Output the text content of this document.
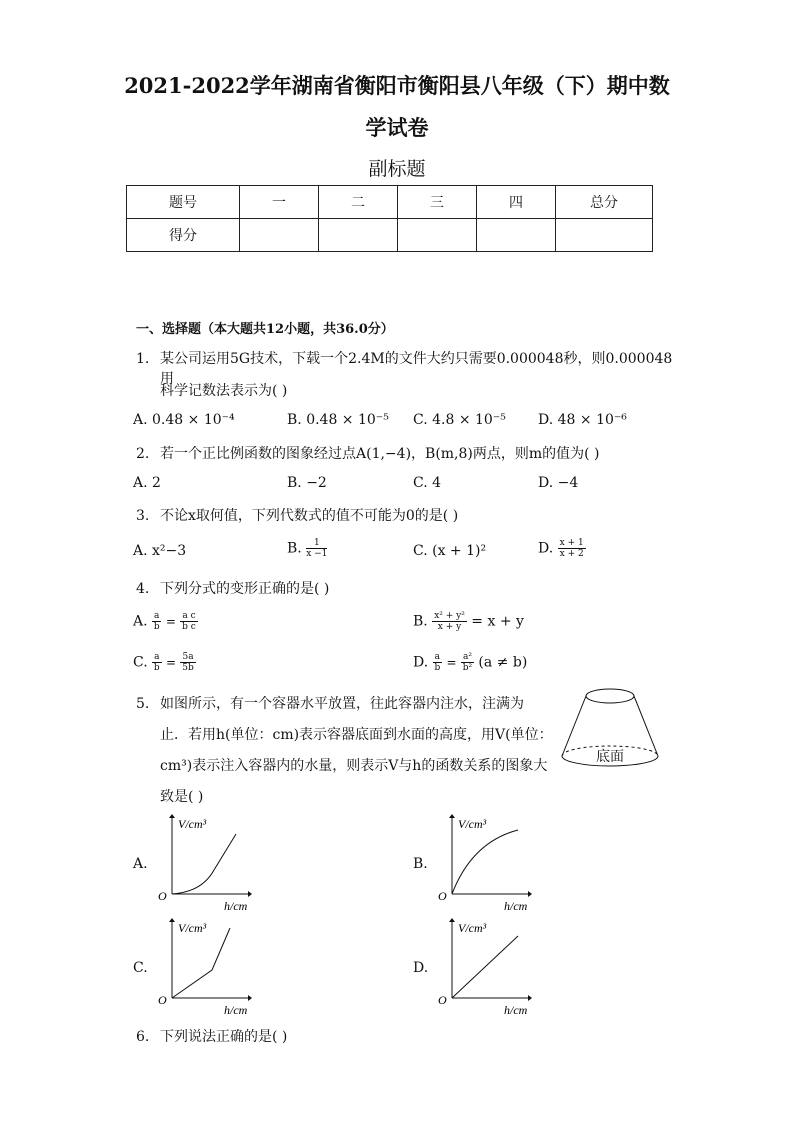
2021-2022学年湖南省衡阳市衡阳县八年级（下）期中数
学试卷
副标题
题号	一	二	三	四	总分
得分					
一、选择题（本大题共12小题，共36.0分）
1. 某公司运用5G技术，下载一个2.4M的文件大约只需要0.000048秒，则0.000048用
科学记数法表示为( )
A. 0.48 × 10⁻⁴	B. 0.48 × 10⁻⁵ C. 4.8 × 10⁻⁵ D. 48 × 10⁻⁶
2. 若一个正比例函数的图象经过点A(1,−4)，B(m,8)两点，则m的值为( )
A. 2	B. −2	C. 4	D. −4
3. 不论x取何值，下列代数式的值不可能为0的是( )
A. x²−3	B. $\frac{1}{x -1}$	C. (x + 1)²	D. $\frac{x + 1}{x + 2}$
4. 下列分式的变形正确的是( )
A. $\frac{a}{b} = \frac{\text{a c}}{\text{b c}}$	B. $\frac{\text{x² + y²}}{x + y} = x + y$
C. $\frac{a}{b} = \frac{5a}{5b}$	D. $\frac{a}{b} = \frac{\text{a²}}{\text{b²}} (a \ne b)$
5. 如图所示，有一个容器水平放置，往此容器内注水，注满为
止．若用h(单位：cm)表示容器底面到水面的高度，用V(单位：
cm³)表示注入容器内的水量，则表示V与h的函数关系的图象大
致是( )
底面
A.
V/cm³
h/cm
O
B.
V/cm³
h/cm
O
C.
V/cm³
h/cm
O
D.
V/cm³
h/cm
O
6. 下列说法正确的是( )
